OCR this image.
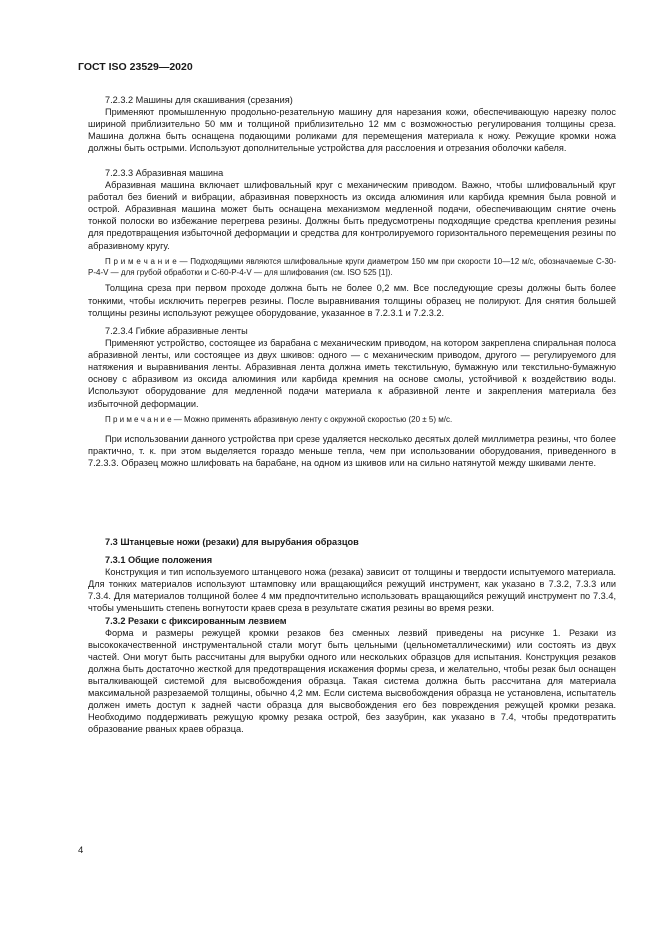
ГОСТ ISO 23529—2020

7.2.3.2 Машины для скашивания (срезания)

Применяют промышленную продольно-резательную машину для нарезания кожи, обеспечивающую нарезку полос шириной приблизительно 50 мм и толщиной приблизительно 12 мм с возможностью регулирования толщины среза. Машина должна быть оснащена подающими роликами для перемещения материала к ножу. Режущие кромки ножа должны быть острыми. Используют дополнительные устройства для расслоения и отрезания оболочки кабеля.

7.2.3.3 Абразивная машина

Абразивная машина включает шлифовальный круг с механическим приводом. Важно, чтобы шлифовальный круг работал без биений и вибрации, абразивная поверхность из оксида алюминия или карбида кремния была ровной и острой. Абразивная машина может быть оснащена механизмом медленной подачи, обеспечивающим снятие очень тонкой полоски во избежание перегрева резины. Должны быть предусмотрены подходящие средства крепления резины для предотвращения избыточной деформации и средства для контролируемого горизонтального перемещения резины по абразивному кругу.

П р и м е ч а н и е — Подходящими являются шлифовальные круги диаметром 150 мм при скорости 10—12 м/с, обозначаемые С-30-Р-4-V — для грубой обработки и С-60-Р-4-V — для шлифования (см. ISO 525 [1]).

Толщина среза при первом проходе должна быть не более 0,2 мм. Все последующие срезы должны быть более тонкими, чтобы исключить перегрев резины. После выравнивания толщины образец не полируют. Для снятия большей толщины резины используют режущее оборудование, указанное в 7.2.3.1 и 7.2.3.2.

7.2.3.4 Гибкие абразивные ленты

Применяют устройство, состоящее из барабана с механическим приводом, на котором закреплена спиральная полоса абразивной ленты, или состоящее из двух шкивов: одного — с механическим приводом, другого — регулируемого для натяжения и выравнивания ленты. Абразивная лента должна иметь текстильную, бумажную или текстильно-бумажную основу с абразивом из оксида алюминия или карбида кремния на основе смолы, устойчивой к воздействию воды. Используют оборудование для медленной подачи материала к абразивной ленте и закрепления материала без избыточной деформации.

П р и м е ч а н и е — Можно применять абразивную ленту с окружной скоростью (20 ± 5) м/с.

При использовании данного устройства при срезе удаляется несколько десятых долей миллиметра резины, что более практично, т. к. при этом выделяется гораздо меньше тепла, чем при использовании оборудования, приведенного в 7.2.3.3. Образец можно шлифовать на барабане, на одном из шкивов или на сильно натянутой между шкивами ленте.

7.3 Штанцевые ножи (резаки) для вырубания образцов

7.3.1 Общие положения

Конструкция и тип используемого штанцевого ножа (резака) зависит от толщины и твердости испытуемого материала. Для тонких материалов используют штамповку или вращающийся режущий инструмент, как указано в 7.3.2, 7.3.3 или 7.3.4. Для материалов толщиной более 4 мм предпочтительно использовать вращающийся режущий инструмент по 7.3.4, чтобы уменьшить степень вогнутости краев среза в результате сжатия резины во время резки.

7.3.2 Резаки с фиксированным лезвием

Форма и размеры режущей кромки резаков без сменных лезвий приведены на рисунке 1. Резаки из высококачественной инструментальной стали могут быть цельными (цельнометаллическими) или состоять из двух частей. Они могут быть рассчитаны для вырубки одного или нескольких образцов для испытания. Конструкция резаков должна быть достаточно жесткой для предотвращения искажения формы среза, и желательно, чтобы резак был оснащен выталкивающей системой для высвобождения образца. Такая система должна быть рассчитана для материала максимальной разрезаемой толщины, обычно 4,2 мм. Если система высвобождения образца не установлена, испытатель должен иметь доступ к задней части образца для высвобождения его без повреждения режущей кромки резака. Необходимо поддерживать режущую кромку резака острой, без зазубрин, как указано в 7.4, чтобы предотвратить образование рваных краев образца.

4
